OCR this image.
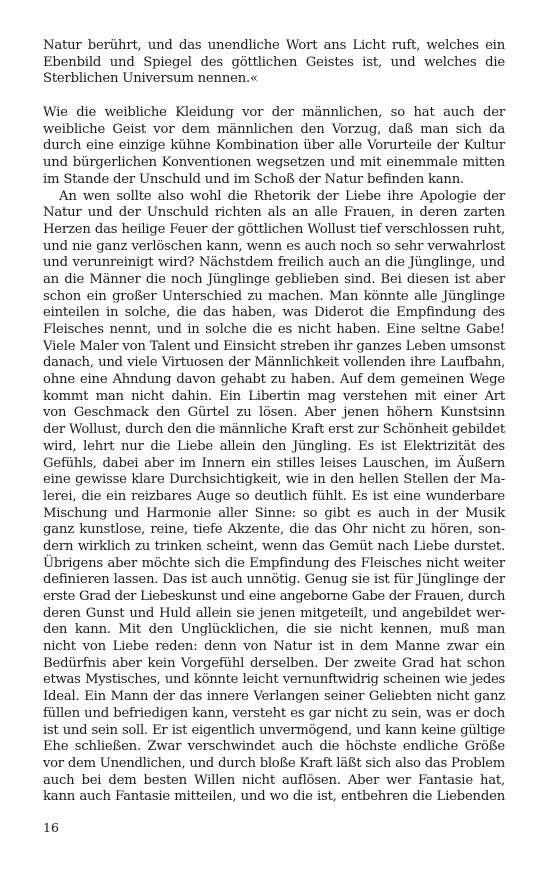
Natur berührt, und das unendliche Wort ans Licht ruft, welches ein
Ebenbild und Spiegel des göttlichen Geistes ist, und welches die
Sterblichen Universum nennen.«
Wie die weibliche Kleidung vor der männlichen, so hat auch der
weibliche Geist vor dem männlichen den Vorzug, daß man sich da
durch eine einzige kühne Kombination über alle Vorurteile der Kultur
und bürgerlichen Konventionen wegsetzen und mit einemmale mitten
im Stande der Unschuld und im Schoß der Natur befinden kann.
An wen sollte also wohl die Rhetorik der Liebe ihre Apologie der
Natur und der Unschuld richten als an alle Frauen, in deren zarten
Herzen das heilige Feuer der göttlichen Wollust tief verschlossen ruht,
und nie ganz verlöschen kann, wenn es auch noch so sehr verwahrlost
und verunreinigt wird? Nächstdem freilich auch an die Jünglinge, und
an die Männer die noch Jünglinge geblieben sind. Bei diesen ist aber
schon ein großer Unterschied zu machen. Man könnte alle Jünglinge
einteilen in solche, die das haben, was Diderot die Empfindung des
Fleisches nennt, und in solche die es nicht haben. Eine seltne Gabe!
Viele Maler von Talent und Einsicht streben ihr ganzes Leben umsonst
danach, und viele Virtuosen der Männlichkeit vollenden ihre Laufbahn,
ohne eine Ahndung davon gehabt zu haben. Auf dem gemeinen Wege
kommt man nicht dahin. Ein Libertin mag verstehen mit einer Art
von Geschmack den Gürtel zu lösen. Aber jenen höhern Kunstsinn
der Wollust, durch den die männliche Kraft erst zur Schönheit gebildet
wird, lehrt nur die Liebe allein den Jüngling. Es ist Elektrizität des
Gefühls, dabei aber im Innern ein stilles leises Lauschen, im Äußern
eine gewisse klare Durchsichtigkeit, wie in den hellen Stellen der Ma-
lerei, die ein reizbares Auge so deutlich fühlt. Es ist eine wunderbare
Mischung und Harmonie aller Sinne: so gibt es auch in der Musik
ganz kunstlose, reine, tiefe Akzente, die das Ohr nicht zu hören, son-
dern wirklich zu trinken scheint, wenn das Gemüt nach Liebe durstet.
Übrigens aber möchte sich die Empfindung des Fleisches nicht weiter
definieren lassen. Das ist auch unnötig. Genug sie ist für Jünglinge der
erste Grad der Liebeskunst und eine angeborne Gabe der Frauen, durch
deren Gunst und Huld allein sie jenen mitgeteilt, und angebildet wer-
den kann. Mit den Unglücklichen, die sie nicht kennen, muß man
nicht von Liebe reden: denn von Natur ist in dem Manne zwar ein
Bedürfnis aber kein Vorgefühl derselben. Der zweite Grad hat schon
etwas Mystisches, und könnte leicht vernunftwidrig scheinen wie jedes
Ideal. Ein Mann der das innere Verlangen seiner Geliebten nicht ganz
füllen und befriedigen kann, versteht es gar nicht zu sein, was er doch
ist und sein soll. Er ist eigentlich unvermögend, und kann keine gültige
Ehe schließen. Zwar verschwindet auch die höchste endliche Größe
vor dem Unendlichen, und durch bloße Kraft läßt sich also das Problem
auch bei dem besten Willen nicht auflösen. Aber wer Fantasie hat,
kann auch Fantasie mitteilen, und wo die ist, entbehren die Liebenden
16
